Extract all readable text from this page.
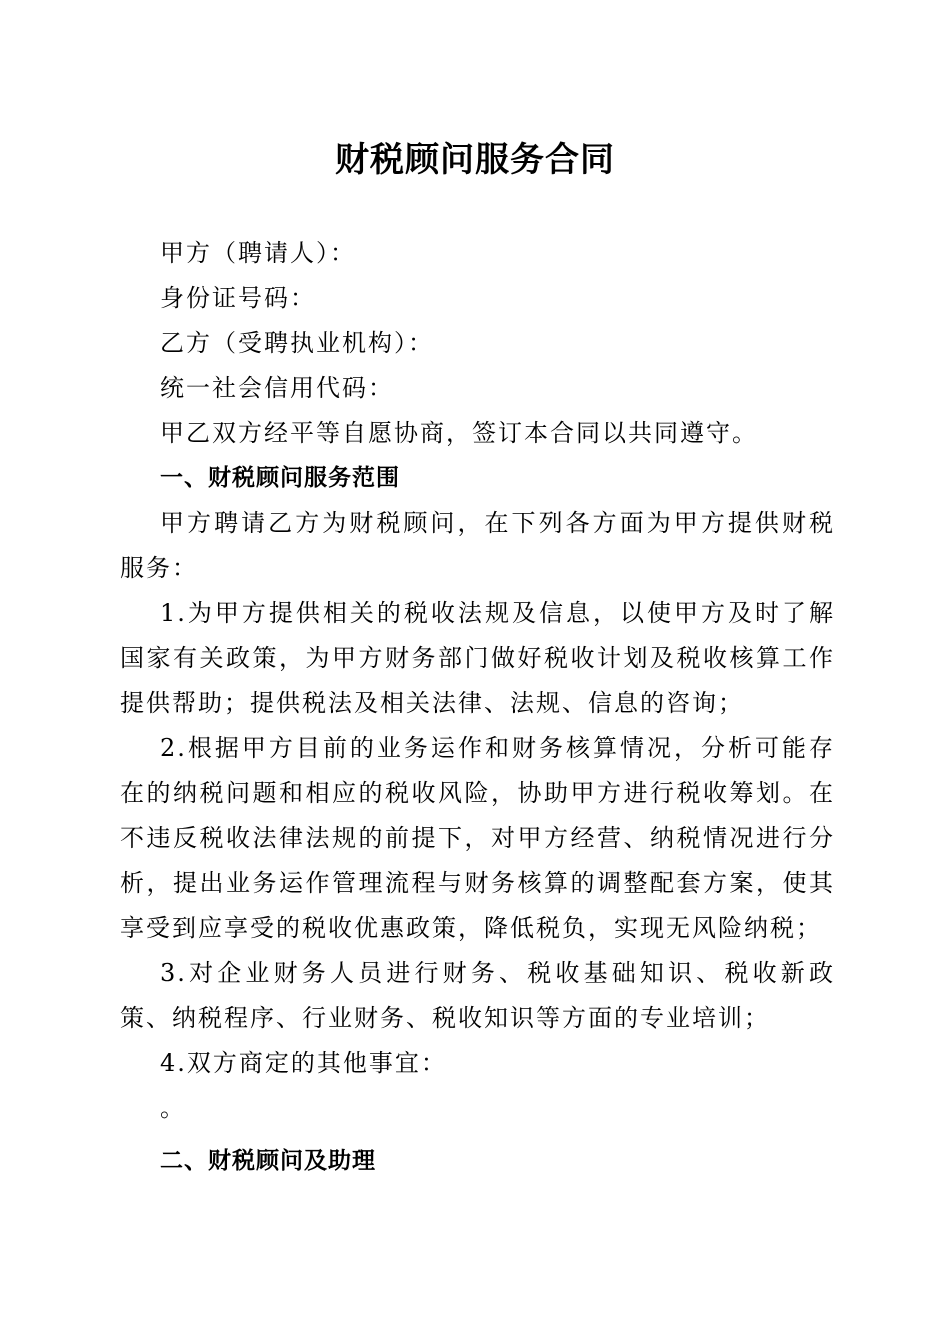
财税顾问服务合同

甲方（聘请人）：

身份证号码：

乙方（受聘执业机构）：

统一社会信用代码：

甲乙双方经平等自愿协商，签订本合同以共同遵守。

一、财税顾问服务范围

甲方聘请乙方为财税顾问，在下列各方面为甲方提供财税服务：

1.为甲方提供相关的税收法规及信息，以使甲方及时了解国家有关政策，为甲方财务部门做好税收计划及税收核算工作提供帮助；提供税法及相关法律、法规、信息的咨询；

2.根据甲方目前的业务运作和财务核算情况，分析可能存在的纳税问题和相应的税收风险，协助甲方进行税收筹划。在不违反税收法律法规的前提下，对甲方经营、纳税情况进行分析，提出业务运作管理流程与财务核算的调整配套方案，使其享受到应享受的税收优惠政策，降低税负，实现无风险纳税；

3.对企业财务人员进行财务、税收基础知识、税收新政策、纳税程序、行业财务、税收知识等方面的专业培训；

4.双方商定的其他事宜：

。

二、财税顾问及助理
